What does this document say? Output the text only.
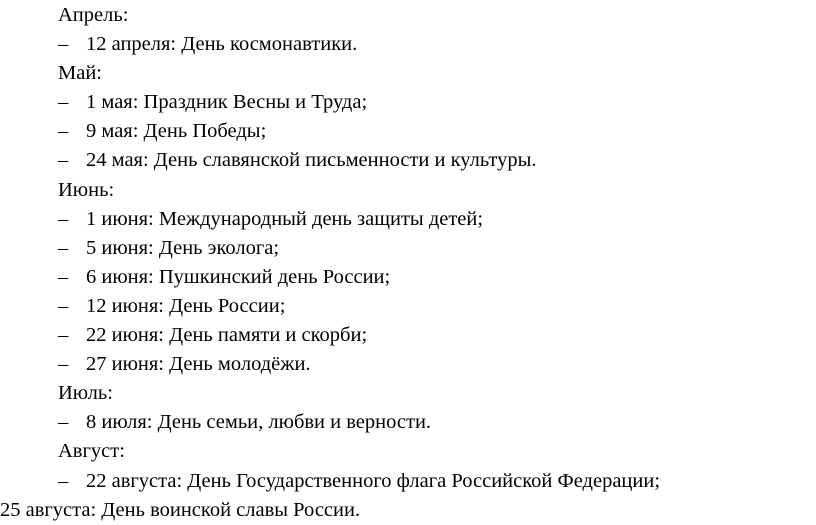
Апрель:
– 12 апреля: День космонавтики.
Май:
– 1 мая: Праздник Весны и Труда;
– 9 мая: День Победы;
– 24 мая: День славянской письменности и культуры.
Июнь:
– 1 июня: Международный день защиты детей;
– 5 июня: День эколога;
– 6 июня: Пушкинский день России;
– 12 июня: День России;
– 22 июня: День памяти и скорби;
– 27 июня: День молодёжи.
Июль:
– 8 июля: День семьи, любви и верности.
Август:
– 22 августа: День Государственного флага Российской Федерации;
25 августа: День воинской славы России.
